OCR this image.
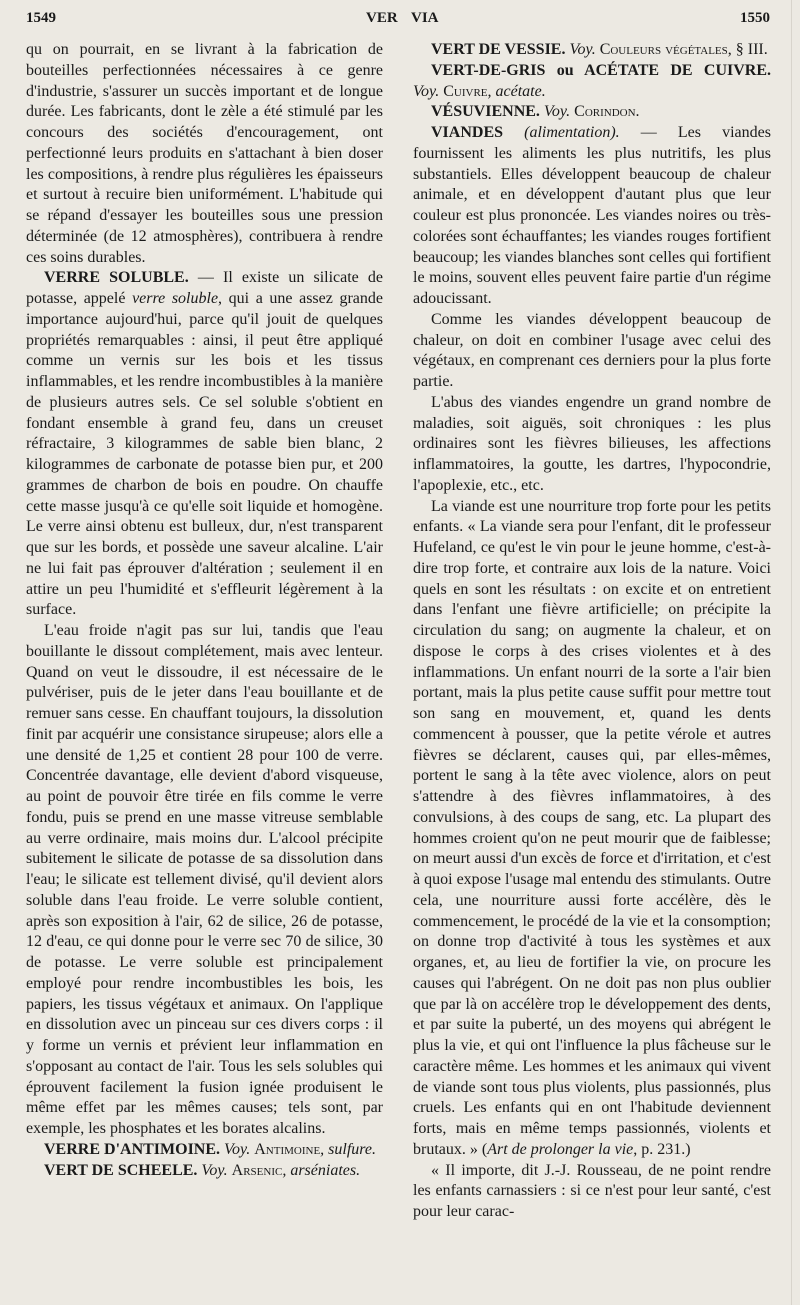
1549	VER VIA	1550

qu on pourrait, en se livrant à la fabrication de bouteilles perfectionnées nécessaires à ce genre d'industrie, s'assurer un succès important et de longue durée. Les fabricants, dont le zèle a été stimulé par les concours des sociétés d'encouragement, ont perfectionné leurs produits en s'attachant à bien doser les compositions, à rendre plus régulières les épaisseurs et surtout à recuire bien uniformément. L'habitude qui se répand d'essayer les bouteilles sous une pression déterminée (de 12 atmosphères), contribuera à rendre ces soins durables.

VERRE SOLUBLE. — Il existe un silicate de potasse, appelé verre soluble, qui a une assez grande importance aujourd'hui, parce qu'il jouit de quelques propriétés remarquables : ainsi, il peut être appliqué comme un vernis sur les bois et les tissus inflammables, et les rendre incombustibles à la manière de plusieurs autres sels. Ce sel soluble s'obtient en fondant ensemble à grand feu, dans un creuset réfractaire, 3 kilogrammes de sable bien blanc, 2 kilogrammes de carbonate de potasse bien pur, et 200 grammes de charbon de bois en poudre. On chauffe cette masse jusqu'à ce qu'elle soit liquide et homogène. Le verre ainsi obtenu est bulleux, dur, n'est transparent que sur les bords, et possède une saveur alcaline. L'air ne lui fait pas éprouver d'altération ; seulement il en attire un peu l'humidité et s'effleurit légèrement à la surface.

L'eau froide n'agit pas sur lui, tandis que l'eau bouillante le dissout complétement, mais avec lenteur. Quand on veut le dissoudre, il est nécessaire de le pulvériser, puis de le jeter dans l'eau bouillante et de remuer sans cesse. En chauffant toujours, la dissolution finit par acquérir une consistance sirupeuse; alors elle a une densité de 1,25 et contient 28 pour 100 de verre. Concentrée davantage, elle devient d'abord visqueuse, au point de pouvoir être tirée en fils comme le verre fondu, puis se prend en une masse vitreuse semblable au verre ordinaire, mais moins dur. L'alcool précipite subitement le silicate de potasse de sa dissolution dans l'eau; le silicate est tellement divisé, qu'il devient alors soluble dans l'eau froide. Le verre soluble contient, après son exposition à l'air, 62 de silice, 26 de potasse, 12 d'eau, ce qui donne pour le verre sec 70 de silice, 30 de potasse. Le verre soluble est principalement employé pour rendre incombustibles les bois, les papiers, les tissus végétaux et animaux. On l'applique en dissolution avec un pinceau sur ces divers corps : il y forme un vernis et prévient leur inflammation en s'opposant au contact de l'air. Tous les sels solubles qui éprouvent facilement la fusion ignée produisent le même effet par les mêmes causes; tels sont, par exemple, les phosphates et les borates alcalins.

VERRE D'ANTIMOINE. Voy. Antimoine, sulfure.

VERT DE SCHEELE. Voy. Arsenic, arséniates.

VERT DE VESSIE. Voy. Couleurs végétales, § III.

VERT-DE-GRIS ou ACÉTATE DE CUIVRE. Voy. Cuivre, acétate.

VÉSUVIENNE. Voy. Corindon.

VIANDES (alimentation). — Les viandes fournissent les aliments les plus nutritifs, les plus substantiels. Elles développent beaucoup de chaleur animale, et en développent d'autant plus que leur couleur est plus prononcée. Les viandes noires ou très-colorées sont échauffantes; les viandes rouges fortifient beaucoup; les viandes blanches sont celles qui fortifient le moins, souvent elles peuvent faire partie d'un régime adoucissant.

Comme les viandes développent beaucoup de chaleur, on doit en combiner l'usage avec celui des végétaux, en comprenant ces derniers pour la plus forte partie.

L'abus des viandes engendre un grand nombre de maladies, soit aiguës, soit chroniques : les plus ordinaires sont les fièvres bilieuses, les affections inflammatoires, la goutte, les dartres, l'hypocondrie, l'apoplexie, etc., etc.

La viande est une nourriture trop forte pour les petits enfants. « La viande sera pour l'enfant, dit le professeur Hufeland, ce qu'est le vin pour le jeune homme, c'est-à-dire trop forte, et contraire aux lois de la nature. Voici quels en sont les résultats : on excite et on entretient dans l'enfant une fièvre artificielle; on précipite la circulation du sang; on augmente la chaleur, et on dispose le corps à des crises violentes et à des inflammations. Un enfant nourri de la sorte a l'air bien portant, mais la plus petite cause suffit pour mettre tout son sang en mouvement, et, quand les dents commencent à pousser, que la petite vérole et autres fièvres se déclarent, causes qui, par elles-mêmes, portent le sang à la tête avec violence, alors on peut s'attendre à des fièvres inflammatoires, à des convulsions, à des coups de sang, etc. La plupart des hommes croient qu'on ne peut mourir que de faiblesse; on meurt aussi d'un excès de force et d'irritation, et c'est à quoi expose l'usage mal entendu des stimulants. Outre cela, une nourriture aussi forte accélère, dès le commencement, le procédé de la vie et la consomption; on donne trop d'activité à tous les systèmes et aux organes, et, au lieu de fortifier la vie, on procure les causes qui l'abrégent. On ne doit pas non plus oublier que par là on accélère trop le développement des dents, et par suite la puberté, un des moyens qui abrégent le plus la vie, et qui ont l'influence la plus fâcheuse sur le caractère même. Les hommes et les animaux qui vivent de viande sont tous plus violents, plus passionnés, plus cruels. Les enfants qui en ont l'habitude deviennent forts, mais en même temps passionnés, violents et brutaux. » (Art de prolonger la vie, p. 231.)

« Il importe, dit J.-J. Rousseau, de ne point rendre les enfants carnassiers : si ce n'est pour leur santé, c'est pour leur carac-
